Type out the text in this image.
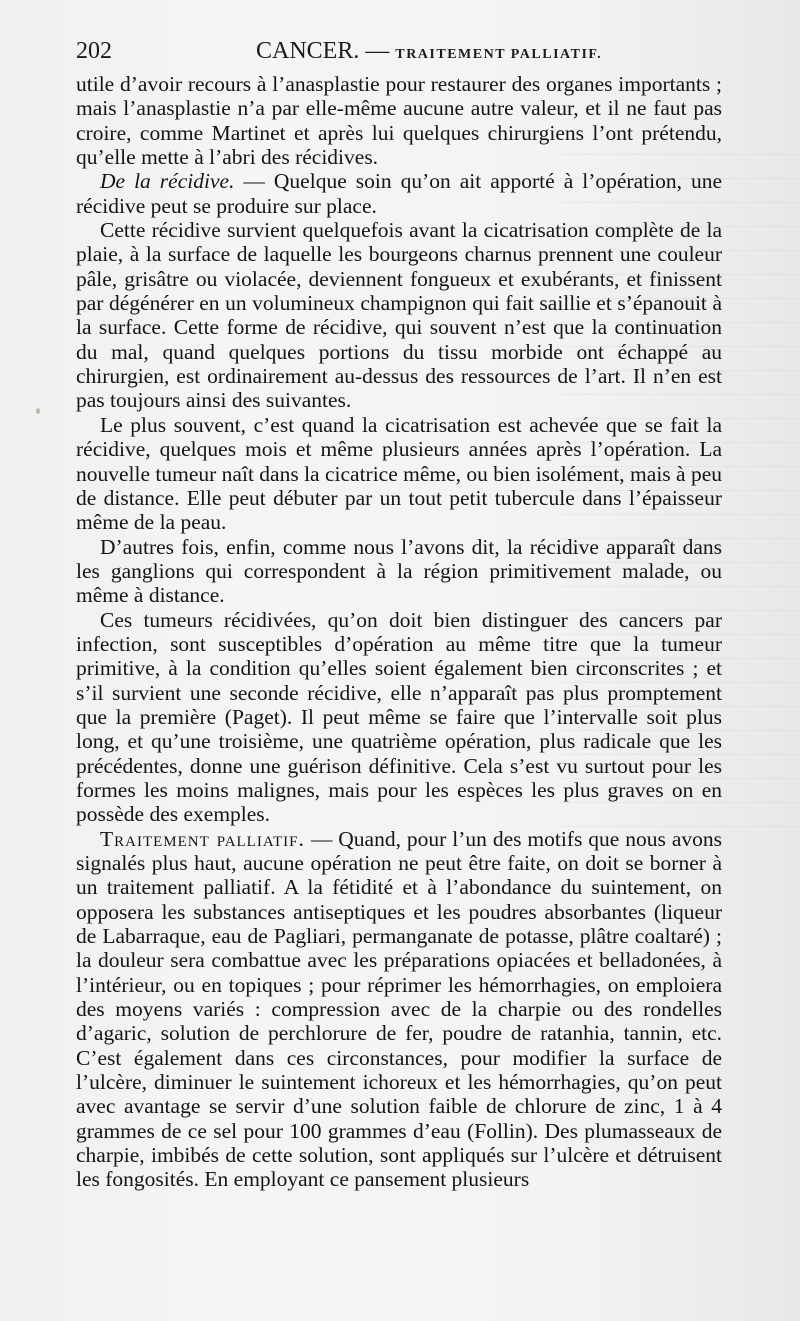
202	CANCER. — TRAITEMENT PALLIATIF.

utile d’avoir recours à l’anasplastie pour restaurer des organes importants ; mais l’anasplastie n’a par elle-même aucune autre valeur, et il ne faut pas croire, comme Martinet et après lui quelques chirurgiens l’ont prétendu, qu’elle mette à l’abri des récidives.

De la récidive. — Quelque soin qu’on ait apporté à l’opération, une récidive peut se produire sur place.

Cette récidive survient quelquefois avant la cicatrisation complète de la plaie, à la surface de laquelle les bourgeons charnus prennent une couleur pâle, grisâtre ou violacée, deviennent fongueux et exubérants, et finissent par dégénérer en un volumineux champignon qui fait saillie et s’épanouit à la surface. Cette forme de récidive, qui souvent n’est que la continuation du mal, quand quelques portions du tissu morbide ont échappé au chirurgien, est ordinairement au-dessus des ressources de l’art. Il n’en est pas toujours ainsi des suivantes.

Le plus souvent, c’est quand la cicatrisation est achevée que se fait la récidive, quelques mois et même plusieurs années après l’opération. La nouvelle tumeur naît dans la cicatrice même, ou bien isolément, mais à peu de distance. Elle peut débuter par un tout petit tubercule dans l’épaisseur même de la peau.

D’autres fois, enfin, comme nous l’avons dit, la récidive apparaît dans les ganglions qui correspondent à la région primitivement malade, ou même à distance.

Ces tumeurs récidivées, qu’on doit bien distinguer des cancers par infection, sont susceptibles d’opération au même titre que la tumeur primitive, à la condition qu’elles soient également bien circonscrites ; et s’il survient une seconde récidive, elle n’apparaît pas plus promptement que la première (Paget). Il peut même se faire que l’intervalle soit plus long, et qu’une troisième, une quatrième opération, plus radicale que les précédentes, donne une guérison définitive. Cela s’est vu surtout pour les formes les moins malignes, mais pour les espèces les plus graves on en possède des exemples.

Traitement palliatif. — Quand, pour l’un des motifs que nous avons signalés plus haut, aucune opération ne peut être faite, on doit se borner à un traitement palliatif. A la fétidité et à l’abondance du suintement, on opposera les substances antiseptiques et les poudres absorbantes (liqueur de Labarraque, eau de Pagliari, permanganate de potasse, plâtre coaltaré) ; la douleur sera combattue avec les préparations opiacées et belladonées, à l’intérieur, ou en topiques ; pour réprimer les hémorrhagies, on emploiera des moyens variés : compression avec de la charpie ou des rondelles d’agaric, solution de perchlorure de fer, poudre de ratanhia, tannin, etc. C’est également dans ces circonstances, pour modifier la surface de l’ulcère, diminuer le suintement ichoreux et les hémorrhagies, qu’on peut avec avantage se servir d’une solution faible de chlorure de zinc, 1 à 4 grammes de ce sel pour 100 grammes d’eau (Follin). Des plumasseaux de charpie, imbibés de cette solution, sont appliqués sur l’ulcère et détruisent les fongosités. En employant ce pansement plusieurs
